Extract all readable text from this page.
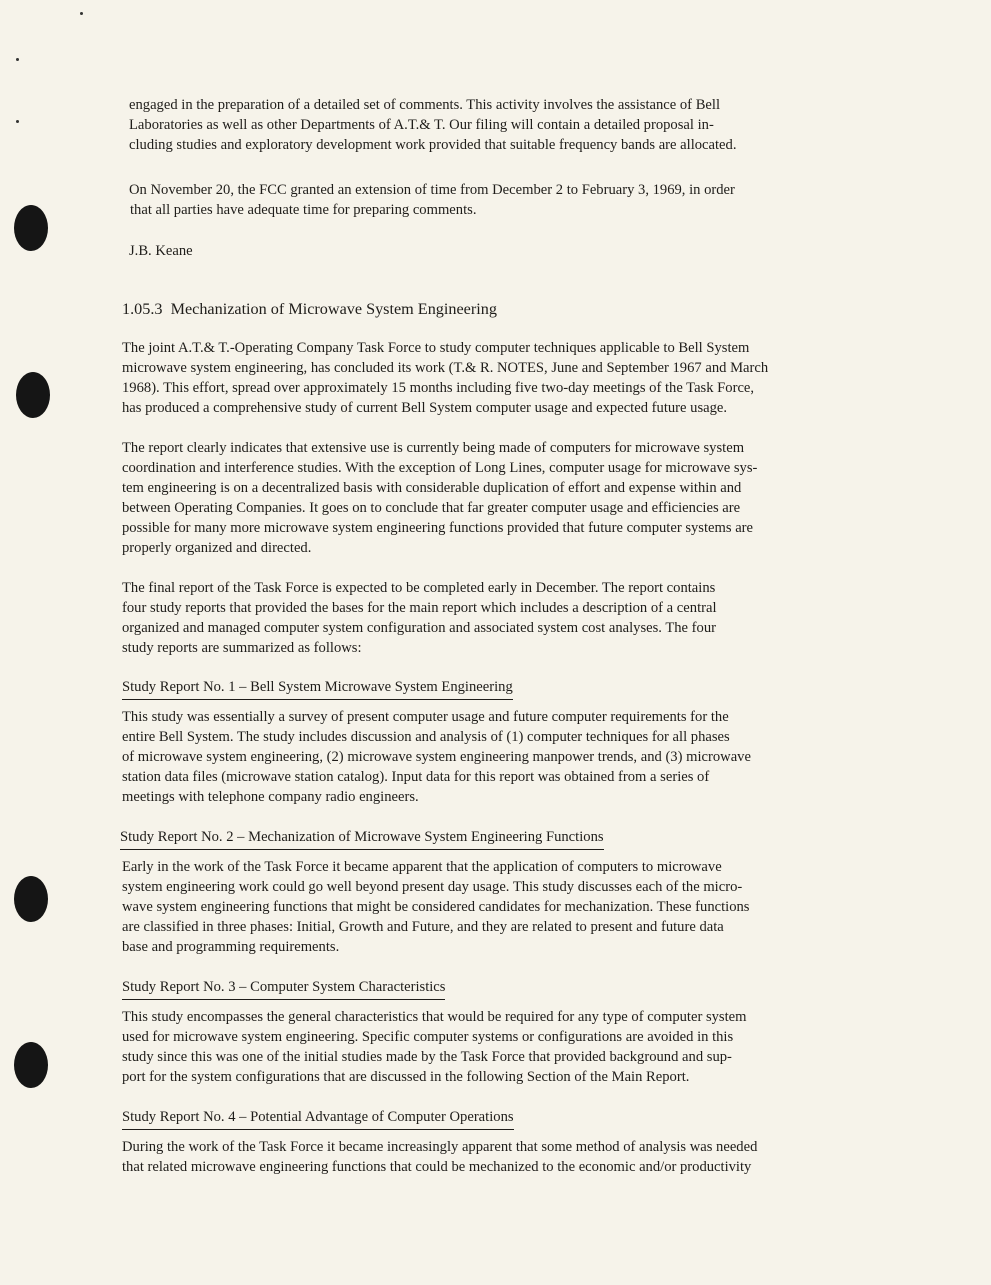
engaged in the preparation of a detailed set of comments. This activity involves the assistance of Bell
Laboratories as well as other Departments of A.T.& T. Our filing will contain a detailed proposal in-
cluding studies and exploratory development work provided that suitable frequency bands are allocated.

On November 20, the FCC granted an extension of time from December 2 to February 3, 1969, in order
that all parties have adequate time for preparing comments.

J.B. Keane

1.05.3 Mechanization of Microwave System Engineering

The joint A.T.& T.-Operating Company Task Force to study computer techniques applicable to Bell System
microwave system engineering, has concluded its work (T.& R. NOTES, June and September 1967 and March
1968). This effort, spread over approximately 15 months including five two-day meetings of the Task Force,
has produced a comprehensive study of current Bell System computer usage and expected future usage.

The report clearly indicates that extensive use is currently being made of computers for microwave system
coordination and interference studies. With the exception of Long Lines, computer usage for microwave sys-
tem engineering is on a decentralized basis with considerable duplication of effort and expense within and
between Operating Companies. It goes on to conclude that far greater computer usage and efficiencies are
possible for many more microwave system engineering functions provided that future computer systems are
properly organized and directed.

The final report of the Task Force is expected to be completed early in December. The report contains
four study reports that provided the bases for the main report which includes a description of a central
organized and managed computer system configuration and associated system cost analyses. The four
study reports are summarized as follows:

Study Report No. 1 – Bell System Microwave System Engineering

This study was essentially a survey of present computer usage and future computer requirements for the
entire Bell System. The study includes discussion and analysis of (1) computer techniques for all phases
of microwave system engineering, (2) microwave system engineering manpower trends, and (3) microwave
station data files (microwave station catalog). Input data for this report was obtained from a series of
meetings with telephone company radio engineers.

Study Report No. 2 – Mechanization of Microwave System Engineering Functions

Early in the work of the Task Force it became apparent that the application of computers to microwave
system engineering work could go well beyond present day usage. This study discusses each of the micro-
wave system engineering functions that might be considered candidates for mechanization. These functions
are classified in three phases: Initial, Growth and Future, and they are related to present and future data
base and programming requirements.

Study Report No. 3 – Computer System Characteristics

This study encompasses the general characteristics that would be required for any type of computer system
used for microwave system engineering. Specific computer systems or configurations are avoided in this
study since this was one of the initial studies made by the Task Force that provided background and sup-
port for the system configurations that are discussed in the following Section of the Main Report.

Study Report No. 4 – Potential Advantage of Computer Operations

During the work of the Task Force it became increasingly apparent that some method of analysis was needed
that related microwave engineering functions that could be mechanized to the economic and/or productivity
